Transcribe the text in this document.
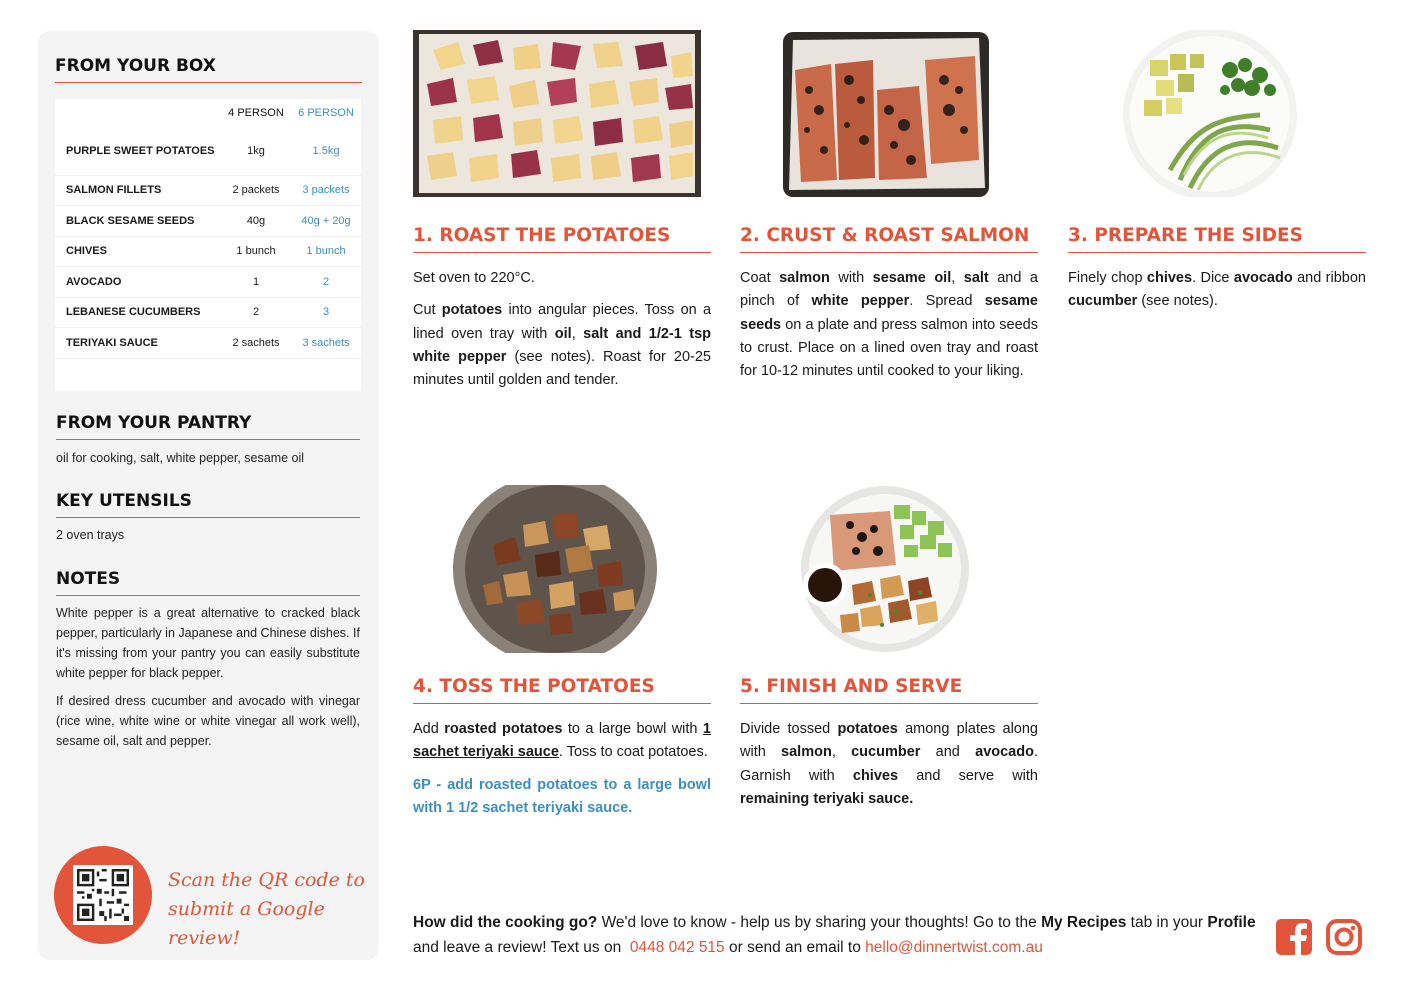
FROM YOUR BOX
	4 PERSON	6 PERSON
PURPLE SWEET POTATOES	1kg	1.5kg
SALMON FILLETS	2 packets	3 packets
BLACK SESAME SEEDS	40g	40g + 20g
CHIVES	1 bunch	1 bunch
AVOCADO	1	2
LEBANESE CUCUMBERS	2	3
TERIYAKI SAUCE	2 sachets	3 sachets
FROM YOUR PANTRY
oil for cooking, salt, white pepper, sesame oil
KEY UTENSILS
2 oven trays
NOTES

White pepper is a great alternative to cracked black pepper, particularly in Japanese and Chinese dishes. If it's missing from your pantry you can easily substitute white pepper for black pepper.

If desired dress cucumber and avocado with vinegar (rice wine, white wine or white vinegar all work well), sesame oil, salt and pepper.

Scan the QR code to
submit a Google review!
1. ROAST THE POTATOES

Set oven to 220°C.

Cut potatoes into angular pieces. Toss on a lined oven tray with oil, salt and 1/2-1 tsp white pepper (see notes). Roast for 20-25 minutes until golden and tender.

2. CRUST & ROAST SALMON

Coat salmon with sesame oil, salt and a pinch of white pepper. Spread sesame seeds on a plate and press salmon into seeds to crust. Place on a lined oven tray and roast for 10-12 minutes until cooked to your liking.

3. PREPARE THE SIDES

Finely chop chives. Dice avocado and ribbon cucumber (see notes).

4. TOSS THE POTATOES

Add roasted potatoes to a large bowl with 1 sachet teriyaki sauce. Toss to coat potatoes.

6P - add roasted potatoes to a large bowl with 1 1/2 sachet teriyaki sauce.

5. FINISH AND SERVE

Divide tossed potatoes among plates along with salmon, cucumber and avocado. Garnish with chives and serve with remaining teriyaki sauce.

How did the cooking go? We'd love to know - help us by sharing your thoughts! Go to the My Recipes tab in your Profile and leave a review! Text us on  0448 042 515 or send an email to hello@dinnertwist.com.au
